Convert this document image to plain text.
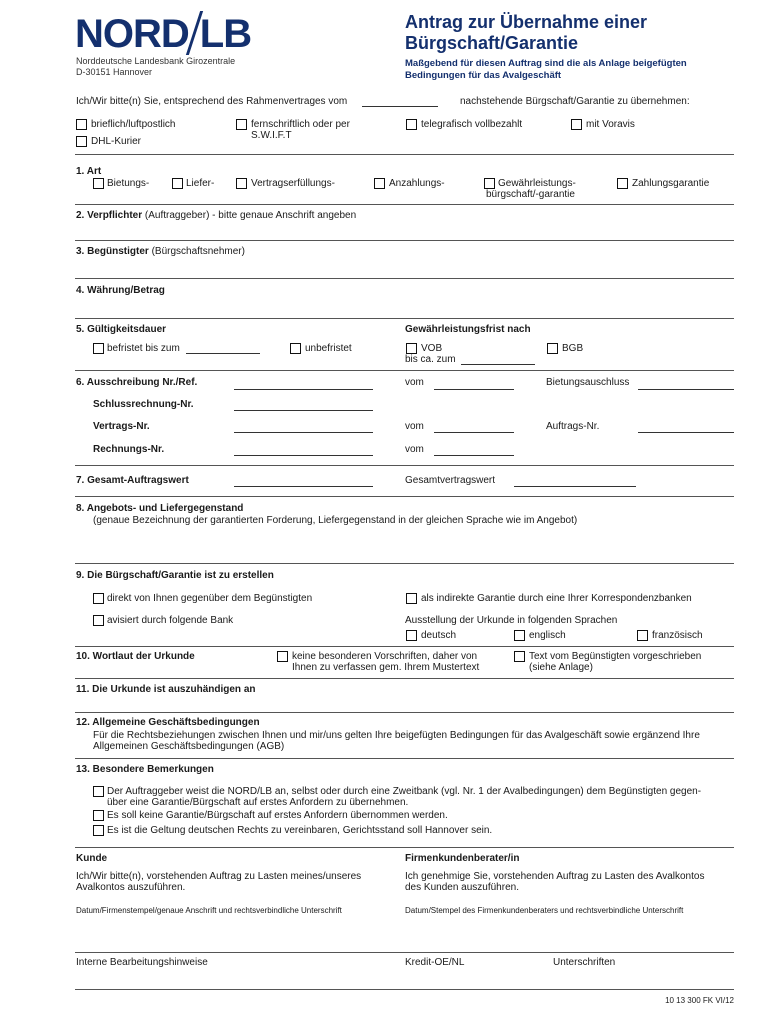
NORD LB
Norddeutsche Landesbank Girozentrale
D-30151 Hannover
Antrag zur Übernahme einer
Bürgschaft/Garantie
Maßgebend für diesen Auftrag sind die als Anlage beigefügten
Bedingungen für das Avalgeschäft
Ich/Wir bitte(n) Sie, entsprechend des Rahmenvertrages vom	nachstehende Bürgschaft/Garantie zu übernehmen:
brieflich/luftpostlich	fernschriftlich oder per
S.W.I.F.T
telegrafisch vollbezahlt	mit Voravis
DHL-Kurier
1. Art
Bietungs-	Liefer-	Vertragserfüllungs-	Anzahlungs-	Gewährleistungs-
bürgschaft/-garantie
Zahlungsgarantie
2. Verpflichter (Auftraggeber) - bitte genaue Anschrift angeben
3. Begünstigter (Bürgschaftsnehmer)
4. Währung/Betrag
5. Gültigkeitsdauer	Gewährleistungsfrist nach
befristet bis zum	unbefristet	VOB
bis ca. zum
BGB
6. Ausschreibung Nr./Ref.	vom	Bietungsauschluss
Schlussrechnung-Nr.
Vertrags-Nr.	vom	Auftrags-Nr.
Rechnungs-Nr.	vom
7. Gesamt-Auftragswert	Gesamtvertragswert
8. Angebots- und Liefergegenstand
(genaue Bezeichnung der garantierten Forderung, Liefergegenstand in der gleichen Sprache wie im Angebot)
9. Die Bürgschaft/Garantie ist zu erstellen
direkt von Ihnen gegenüber dem Begünstigten	als indirekte Garantie durch eine Ihrer Korrespondenzbanken
avisiert durch folgende Bank	Ausstellung der Urkunde in folgenden Sprachen
deutsch	englisch	französisch
10. Wortlaut der Urkunde	keine besonderen Vorschriften, daher von
Ihnen zu verfassen gem. Ihrem Mustertext
Text vom Begünstigten vorgeschrieben
(siehe Anlage)
11. Die Urkunde ist auszuhändigen an
12. Allgemeine Geschäftsbedingungen
Für die Rechtsbeziehungen zwischen Ihnen und mir/uns gelten Ihre beigefügten Bedingungen für das Avalgeschäft sowie ergänzend Ihre
Allgemeinen Geschäftsbedingungen (AGB)
13. Besondere Bemerkungen
Der Auftraggeber weist die NORD/LB an, selbst oder durch eine Zweitbank (vgl. Nr. 1 der Avalbedingungen) dem Begünstigten gegen-
über eine Garantie/Bürgschaft auf erstes Anfordern zu übernehmen.
Es soll keine Garantie/Bürgschaft auf erstes Anfordern übernommen werden.
Es ist die Geltung deutschen Rechts zu vereinbaren, Gerichtsstand soll Hannover sein.
Kunde
Ich/Wir bitte(n), vorstehenden Auftrag zu Lasten meines/unseres
Avalkontos auszuführen.
Datum/Firmenstempel/genaue Anschrift und rechtsverbindliche Unterschrift
Firmenkundenberater/in
Ich genehmige Sie, vorstehenden Auftrag zu Lasten des Avalkontos
des Kunden auszuführen.
Datum/Stempel des Firmenkundenberaters und rechtsverbindliche Unterschrift
Interne Bearbeitungshinweise	Kredit-OE/NL	Unterschriften
10 13 300 FK VI/12
